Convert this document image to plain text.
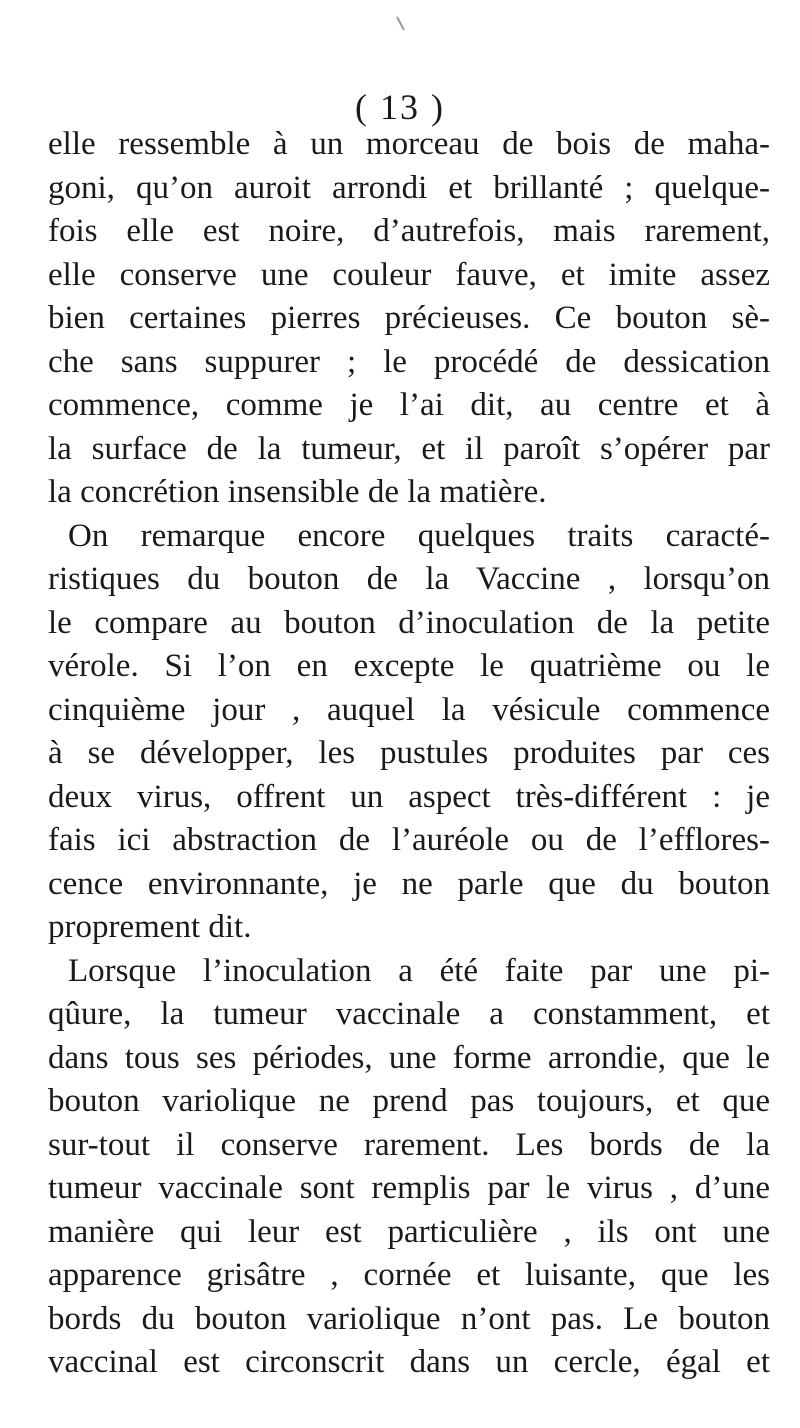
( 13 )
elle ressemble à un morceau de bois de maha-
goni, qu’on auroit arrondi et brillanté ; quelque-
fois elle est noire, d’autrefois, mais rarement,
elle conserve une couleur fauve, et imite assez
bien certaines pierres précieuses. Ce bouton sè-
che sans suppurer ; le procédé de dessication
commence, comme je l’ai dit, au centre et à
la surface de la tumeur, et il paroît s’opérer par
la concrétion insensible de la matière.
On remarque encore quelques traits caracté-
ristiques du bouton de la Vaccine , lorsqu’on
le compare au bouton d’inoculation de la petite
vérole. Si l’on en excepte le quatrième ou le
cinquième jour , auquel la vésicule commence
à se développer, les pustules produites par ces
deux virus, offrent un aspect très-différent : je
fais ici abstraction de l’auréole ou de l’efflores-
cence environnante, je ne parle que du bouton
proprement dit.
Lorsque l’inoculation a été faite par une pi-
qûure, la tumeur vaccinale a constamment, et
dans tous ses périodes, une forme arrondie, que le
bouton variolique ne prend pas toujours, et que
sur-tout il conserve rarement. Les bords de la
tumeur vaccinale sont remplis par le virus , d’une
manière qui leur est particulière , ils ont une
apparence grisâtre , cornée et luisante, que les
bords du bouton variolique n’ont pas. Le bouton
vaccinal est circonscrit dans un cercle, égal et
